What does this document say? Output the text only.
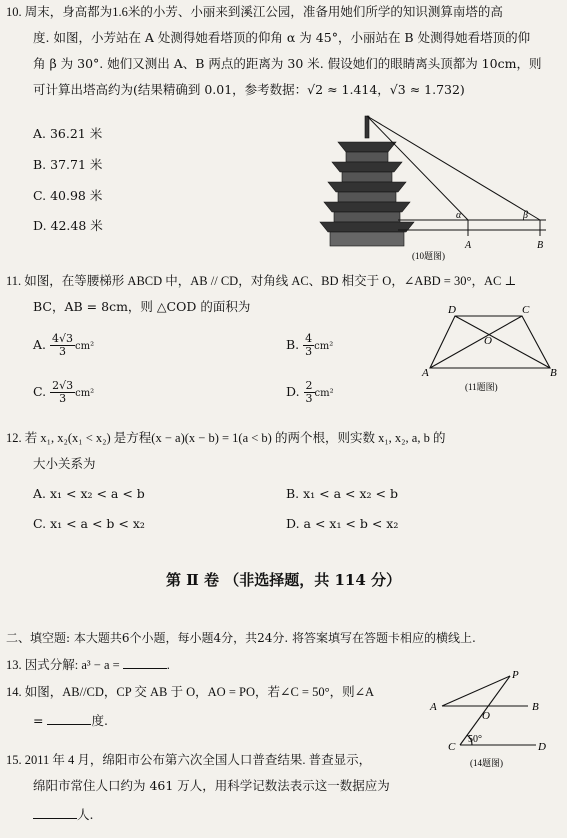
10. 周末，身高都为1.6米的小芳、小丽来到溪江公园，准备用她们所学的知识测算南塔的高
度. 如图，小芳站在 A 处测得她看塔顶的仰角 α 为 45°，小丽站在 B 处测得她看塔顶的仰
角 β 为 30°. 她们又测出 A、B 两点的距离为 30 米. 假设她们的眼睛离头顶都为 10cm，则
可计算出塔高约为(结果精确到 0.01，参考数据：√2 ≈ 1.414，√3 ≈ 1.732)
A. 36.21 米
B. 37.71 米
C. 40.98 米
D. 42.48 米
α	β
A	B
(10题图)
11. 如图，在等腰梯形 ABCD 中，AB // CD，对角线 AC、BD 相交于 O，∠ABD = 30°，AC ⊥
BC，AB = 8cm，则 △COD 的面积为
A. $\frac{4√3}{3} cm^2$	B. $\frac{4}{3} cm^2$
C. $\frac{2√3}{3} cm^2$	D. $\frac{2}{3} cm^2$
D	C
O
A	B
(11题图)
12. 若 x₁, x₂(x₁ < x₂) 是方程(x − a)(x − b) = 1(a < b) 的两个根，则实数 x₁, x₂, a, b 的
大小关系为
A. x₁ < x₂ < a < b	B. x₁ < a < x₂ < b
C. x₁ < a < b < x₂	D. a < x₁ < b < x₂
第 Ⅱ 卷 （非选择题，共 114 分）
二、填空题: 本大题共6个小题，每小题4分，共24分. 将答案填写在答题卡相应的横线上.
13. 因式分解: a³ − a =	.
14. 如图，AB//CD，CP 交 AB 于 O，AO = PO，若∠C = 50°，则∠A
=	度.
P
A	B
O
C	D
50°
(14题图)
15. 2011 年 4 月，绵阳市公布第六次全国人口普查结果. 普查显示，
绵阳市常住人口约为 461 万人，用科学记数法表示这一数据应为
人.
